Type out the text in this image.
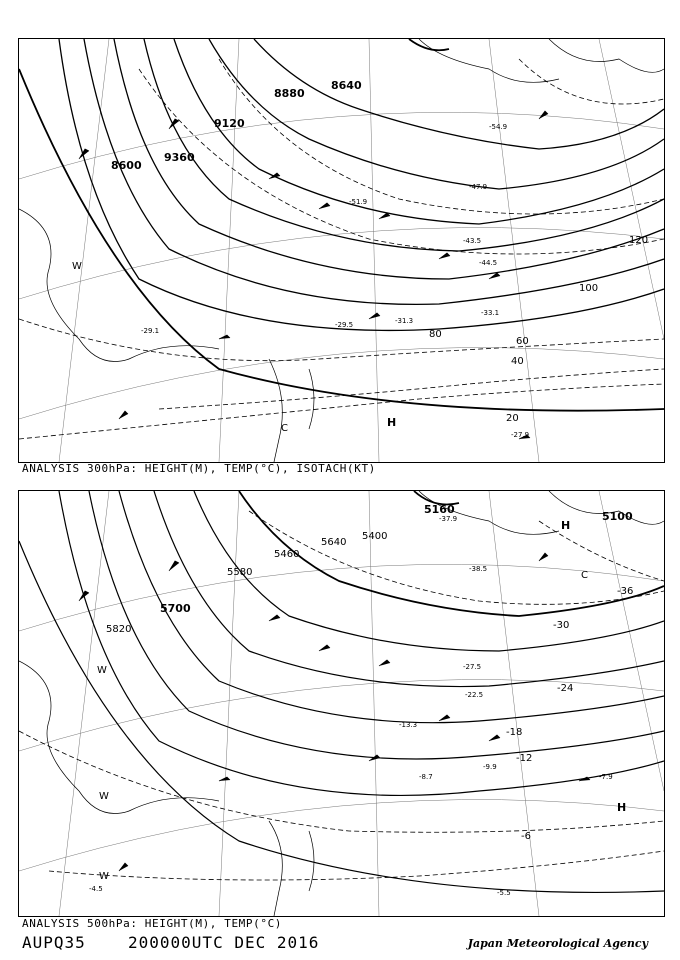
8880
9120
9360
8600
8640
20
40
60
80
100
120
-54.9
-51.9
-47.9
-43.5
-44.5
-33.1
-31.3
-29.5
-27.9
-29.1
H
C
W
ANALYSIS 300hPa: HEIGHT(M), TEMP(°C), ISOTACH(KT)
5100
5160
5400
5460
5580
5640
5700
5820
-36
-30
-24
-18
-12
-6
-37.9
-38.5
-27.5
-22.5
-13.3
-9.9
-8.7	-7.9
-5.5
-4.5
H
H
C
W
W
W
ANALYSIS 500hPa: HEIGHT(M), TEMP(°C)
AUPQ35	200000UTC DEC 2016	Japan Meteorological Agency
